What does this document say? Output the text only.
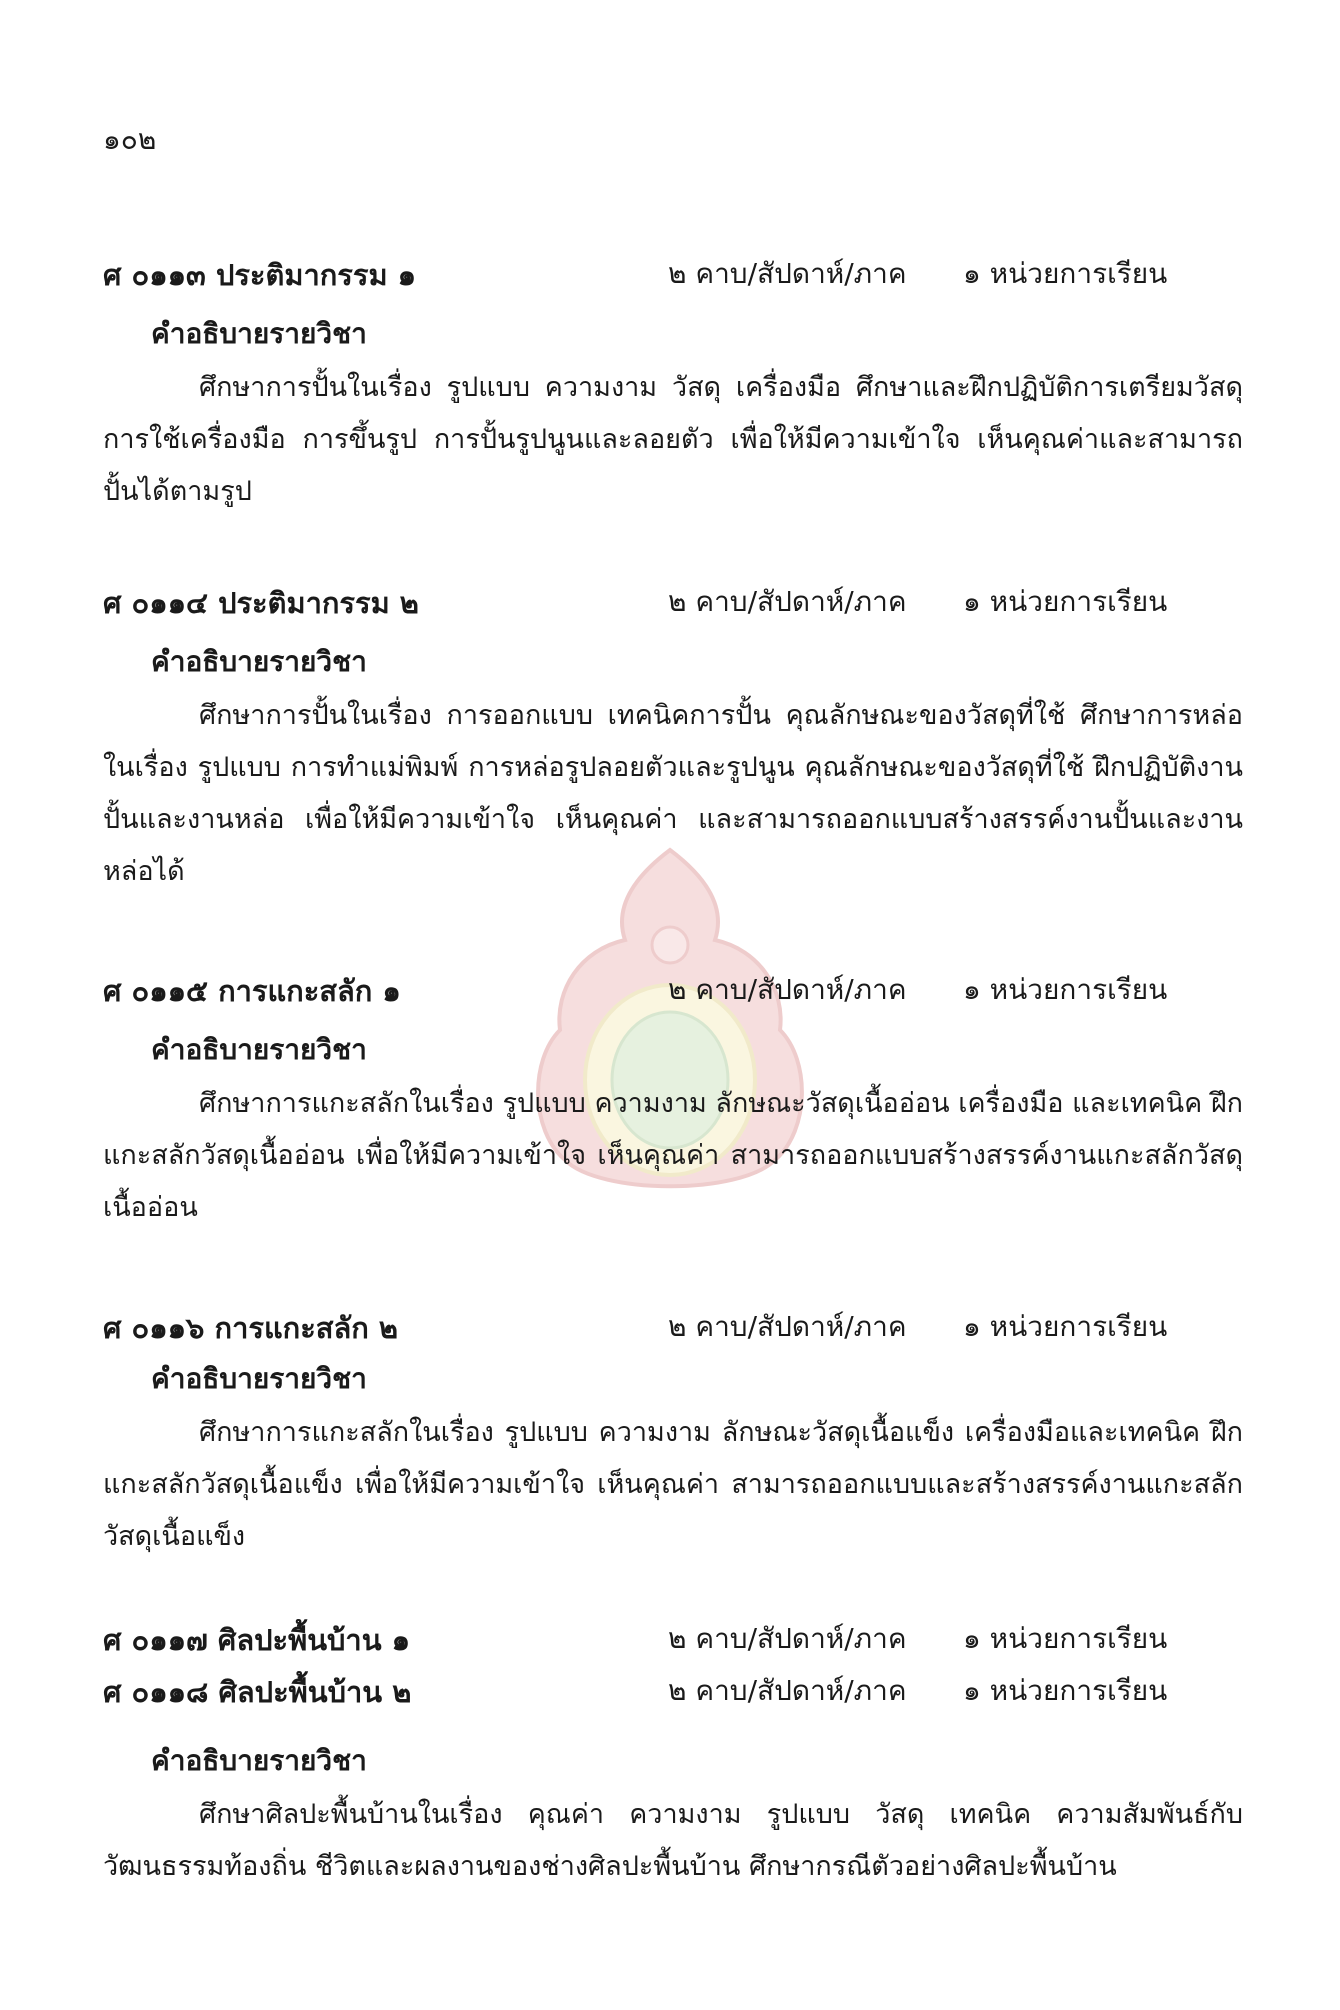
๑๐๒
ศ ๐๑๑๓ ประติมากรรม ๑	๒ คาบ/สัปดาห์/ภาค ๑ หน่วยการเรียน
คำอธิบายรายวิชา
ศึกษาการปั้นในเรื่อง รูปแบบ ความงาม วัสดุ เครื่องมือ ศึกษาและฝึกปฏิบัติการเตรียมวัสดุ การใช้เครื่องมือ การขึ้นรูป การปั้นรูปนูนและลอยตัว เพื่อให้มีความเข้าใจ เห็นคุณค่าและสามารถปั้นได้ตามรูป
ศ ๐๑๑๔ ประติมากรรม ๒	๒ คาบ/สัปดาห์/ภาค ๑ หน่วยการเรียน
คำอธิบายรายวิชา
ศึกษาการปั้นในเรื่อง การออกแบบ เทคนิคการปั้น คุณลักษณะของวัสดุที่ใช้ ศึกษาการหล่อในเรื่อง รูปแบบ การทำแม่พิมพ์ การหล่อรูปลอยตัวและรูปนูน คุณลักษณะของวัสดุที่ใช้ ฝึกปฏิบัติงานปั้นและงานหล่อ เพื่อให้มีความเข้าใจ เห็นคุณค่า และสามารถออกแบบสร้างสรรค์งานปั้นและงานหล่อได้
ศ ๐๑๑๕ การแกะสลัก ๑	๒ คาบ/สัปดาห์/ภาค ๑ หน่วยการเรียน
คำอธิบายรายวิชา
ศึกษาการแกะสลักในเรื่อง รูปแบบ ความงาม ลักษณะวัสดุเนื้ออ่อน เครื่องมือ และเทคนิค ฝึกแกะสลักวัสดุเนื้ออ่อน เพื่อให้มีความเข้าใจ เห็นคุณค่า สามารถออกแบบสร้างสรรค์งานแกะสลักวัสดุเนื้ออ่อน
ศ ๐๑๑๖ การแกะสลัก ๒	๒ คาบ/สัปดาห์/ภาค ๑ หน่วยการเรียน
คำอธิบายรายวิชา
ศึกษาการแกะสลักในเรื่อง รูปแบบ ความงาม ลักษณะวัสดุเนื้อแข็ง เครื่องมือและเทคนิค ฝึกแกะสลักวัสดุเนื้อแข็ง เพื่อให้มีความเข้าใจ เห็นคุณค่า สามารถออกแบบและสร้างสรรค์งานแกะสลักวัสดุเนื้อแข็ง
ศ ๐๑๑๗ ศิลปะพื้นบ้าน ๑	๒ คาบ/สัปดาห์/ภาค ๑ หน่วยการเรียน
ศ ๐๑๑๘ ศิลปะพื้นบ้าน ๒	๒ คาบ/สัปดาห์/ภาค ๑ หน่วยการเรียน
คำอธิบายรายวิชา
ศึกษาศิลปะพื้นบ้านในเรื่อง คุณค่า ความงาม รูปแบบ วัสดุ เทคนิค ความสัมพันธ์กับวัฒนธรรมท้องถิ่น ชีวิตและผลงานของช่างศิลปะพื้นบ้าน ศึกษากรณีตัวอย่างศิลปะพื้นบ้าน
